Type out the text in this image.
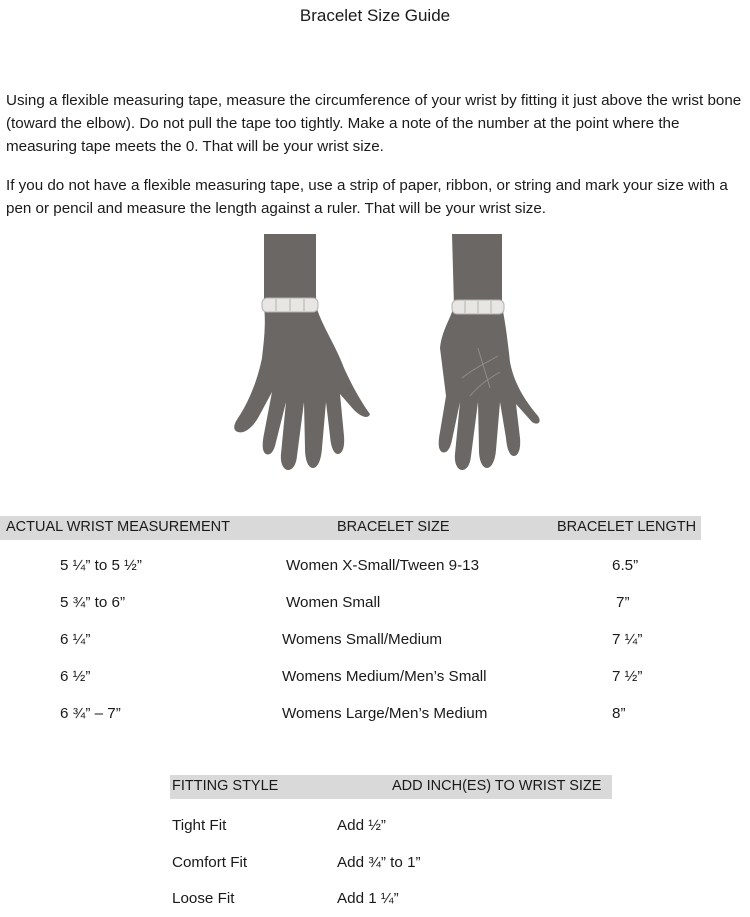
Bracelet Size Guide

Using a flexible measuring tape, measure the circumference of your wrist by fitting it just above the wrist bone (toward the elbow). Do not pull the tape too tightly. Make a note of the number at the point where the measuring tape meets the 0. That will be your wrist size.

If you do not have a flexible measuring tape, use a strip of paper, ribbon, or string and mark your size with a pen or pencil and measure the length against a ruler. That will be your wrist size.

ACTUAL WRIST MEASUREMENT	BRACELET SIZE	BRACELET LENGTH
5 ¼” to 5 ½”	Women X-Small/Tween 9-13	6.5”
5 ¾” to 6”	Women Small	7”
6 ¼”	Womens Small/Medium	7 ¼”
6 ½”	Womens Medium/Men’s Small	7 ½”
6 ¾” – 7”	Womens Large/Men’s Medium	8”
FITTING STYLE	ADD INCH(ES) TO WRIST SIZE
Tight Fit	Add ½”
Comfort Fit	Add ¾” to 1”
Loose Fit	Add 1 ¼”
